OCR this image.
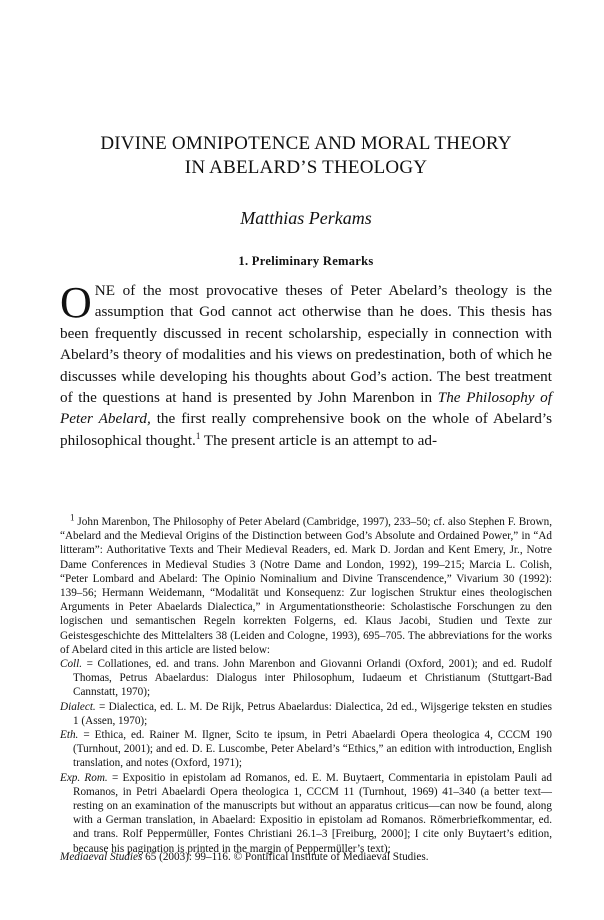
DIVINE OMNIPOTENCE AND MORAL THEORY
IN ABELARD’S THEOLOGY

Matthias Perkams

1. Preliminary Remarks

ONE of the most provocative theses of Peter Abelard’s theology is the assumption that God cannot act otherwise than he does. This thesis has been frequently discussed in recent scholarship, especially in connection with Abelard’s theory of modalities and his views on predestination, both of which he discusses while developing his thoughts about God’s action. The best treatment of the questions at hand is presented by John Marenbon in The Philosophy of Peter Abelard, the first really comprehensive book on the whole of Abelard’s philosophical thought.$^1$ The present article is an attempt to ad-

$^1$ John Marenbon, The Philosophy of Peter Abelard (Cambridge, 1997), 233–50; cf. also Stephen F. Brown, “Abelard and the Medieval Origins of the Distinction between God’s Absolute and Ordained Power,” in “Ad litteram”: Authoritative Texts and Their Medieval Readers, ed. Mark D. Jordan and Kent Emery, Jr., Notre Dame Conferences in Medieval Studies 3 (Notre Dame and London, 1992), 199–215; Marcia L. Colish, “Peter Lombard and Abelard: The Opinio Nominalium and Divine Transcendence,” Vivarium 30 (1992): 139–56; Hermann Weidemann, “Modalität und Konsequenz: Zur logischen Struktur eines theologischen Arguments in Peter Abaelards Dialectica,” in Argumentationstheorie: Scholastische Forschungen zu den logischen und semantischen Regeln korrekten Folgerns, ed. Klaus Jacobi, Studien und Texte zur Geistesgeschichte des Mittelalters 38 (Leiden and Cologne, 1993), 695–705. The abbreviations for the works of Abelard cited in this article are listed below:

Coll. = Collationes, ed. and trans. John Marenbon and Giovanni Orlandi (Oxford, 2001); and ed. Rudolf Thomas, Petrus Abaelardus: Dialogus inter Philosophum, Iudaeum et Christianum (Stuttgart-Bad Cannstatt, 1970);
Dialect. = Dialectica, ed. L. M. De Rijk, Petrus Abaelardus: Dialectica, 2d ed., Wijsgerige teksten en studies 1 (Assen, 1970);
Eth. = Ethica, ed. Rainer M. Ilgner, Scito te ipsum, in Petri Abaelardi Opera theologica 4, CCCM 190 (Turnhout, 2001); and ed. D. E. Luscombe, Peter Abelard’s “Ethics,” an edition with introduction, English translation, and notes (Oxford, 1971);
Exp. Rom. = Expositio in epistolam ad Romanos, ed. E. M. Buytaert, Commentaria in epistolam Pauli ad Romanos, in Petri Abaelardi Opera theologica 1, CCCM 11 (Turnhout, 1969) 41–340 (a better text—resting on an examination of the manuscripts but without an apparatus criticus—can now be found, along with a German translation, in Abaelard: Expositio in epistolam ad Romanos. Römerbriefkommentar, ed. and trans. Rolf Peppermüller, Fontes Christiani 26.1–3 [Freiburg, 2000]; I cite only Buytaert’s edition, because his pagination is printed in the margin of Peppermüller’s text);

Mediaeval Studies 65 (2003): 99–116. © Pontifical Institute of Mediaeval Studies.
